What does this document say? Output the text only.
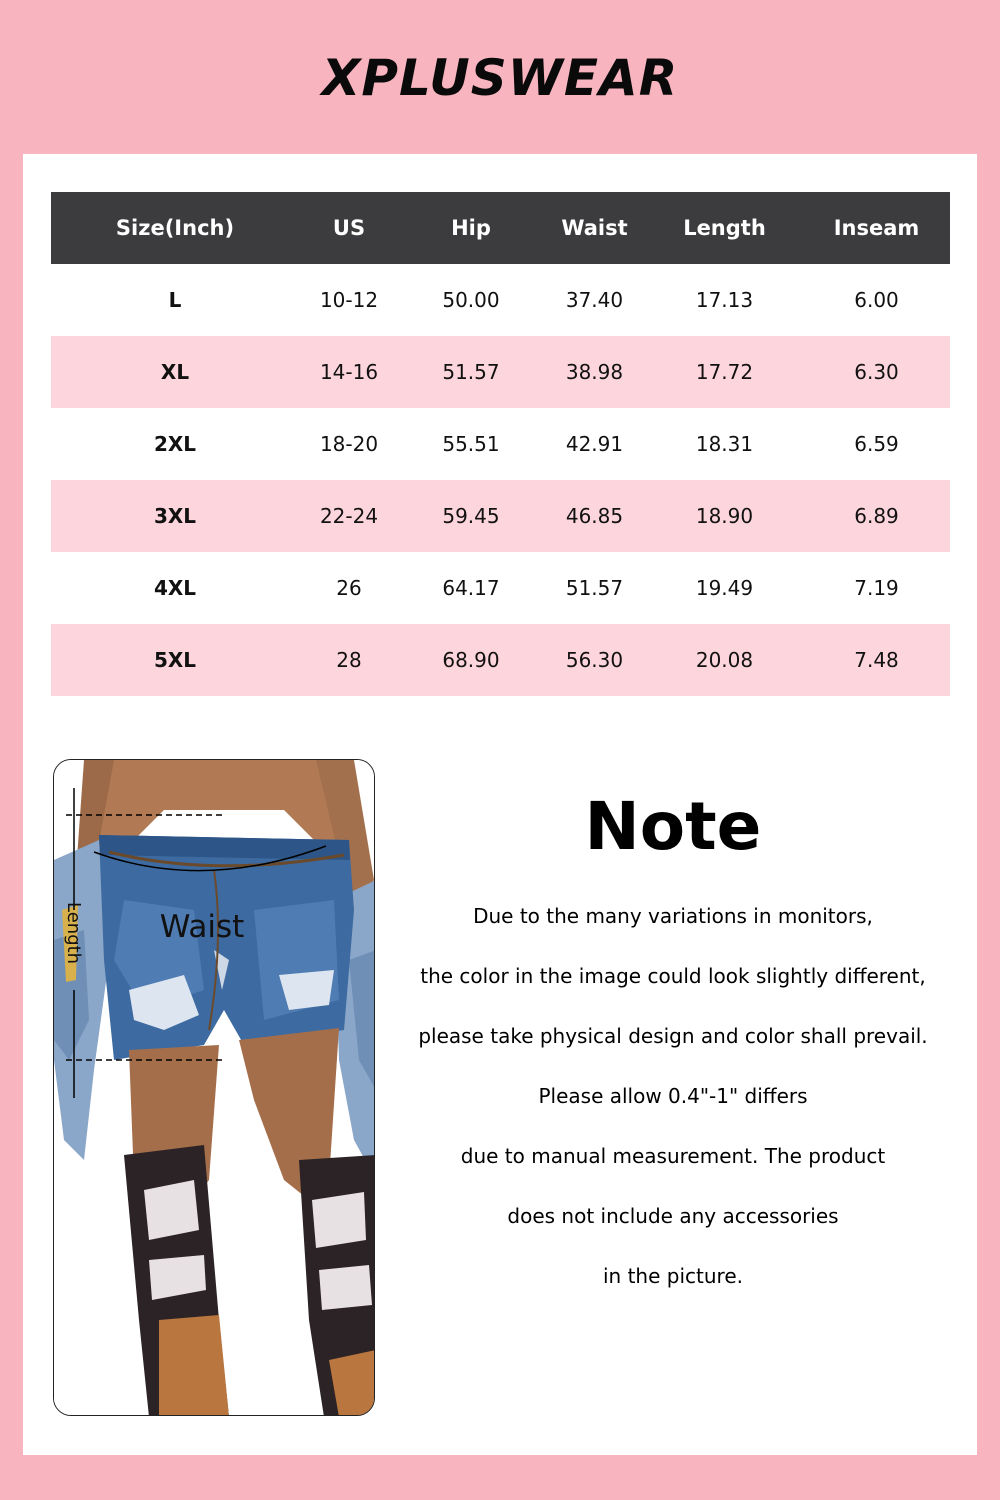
XPLUSWEAR
Size(Inch)	US	Hip	Waist	Length	Inseam
L	10-12	50.00	37.40	17.13	6.00
XL	14-16	51.57	38.98	17.72	6.30
2XL	18-20	55.51	42.91	18.31	6.59
3XL	22-24	59.45	46.85	18.90	6.89
4XL	26	64.17	51.57	19.49	7.19
5XL	28	68.90	56.30	20.08	7.48
Waist
Length
Note
Due to the many variations in monitors,
the color in the image could look slightly different,
please take physical design and color shall prevail.
Please allow 0.4"-1" differs
due to manual measurement. The product
does not include any accessories
in the picture.
